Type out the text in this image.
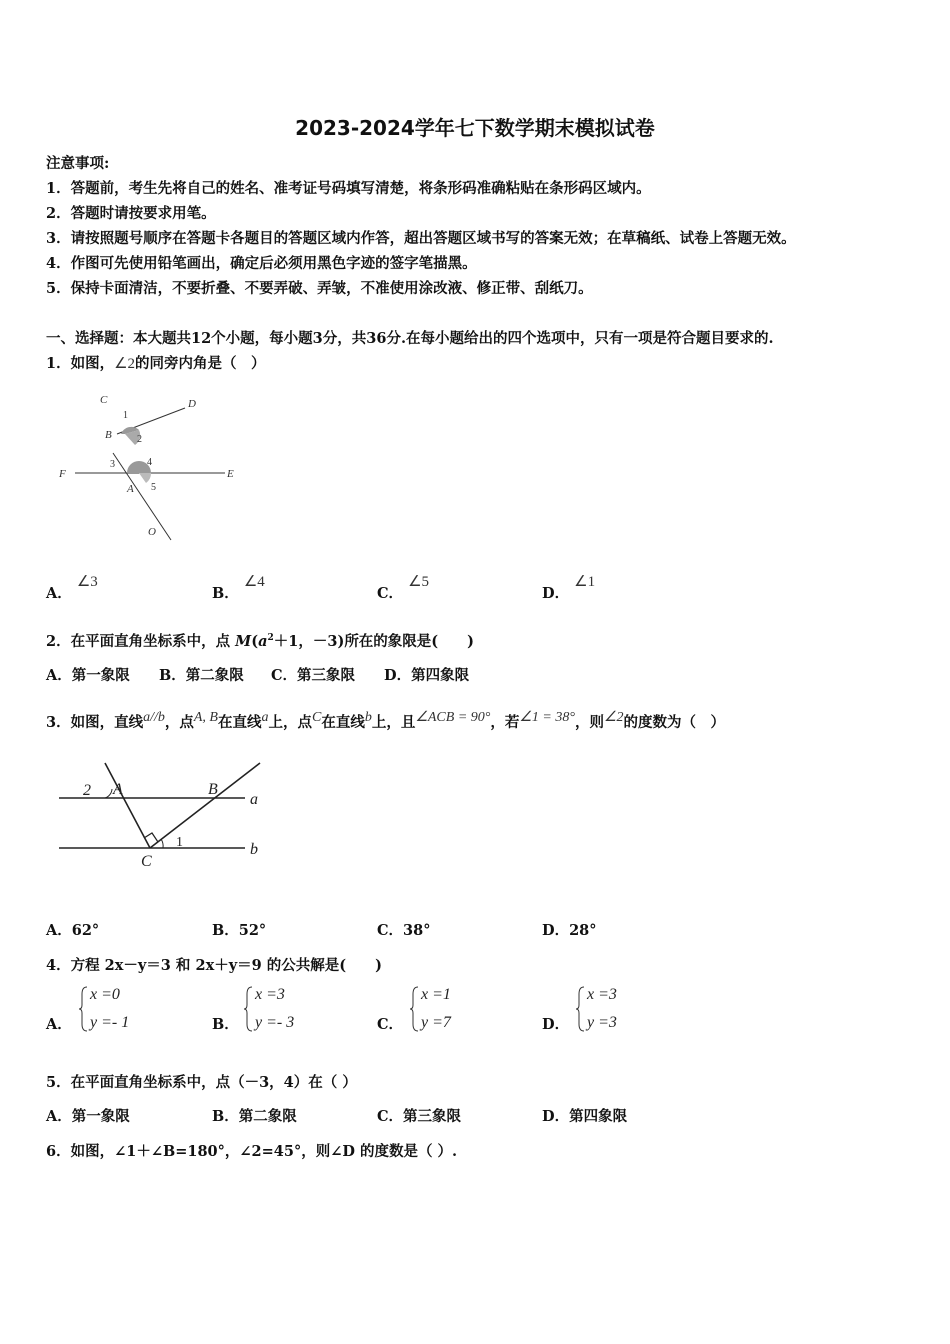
2023-2024学年七下数学期末模拟试卷
注意事项:
1．答题前，考生先将自己的姓名、准考证号码填写清楚，将条形码准确粘贴在条形码区域内。
2．答题时请按要求用笔。
3．请按照题号顺序在答题卡各题目的答题区域内作答，超出答题区域书写的答案无效；在草稿纸、试卷上答题无效。
4．作图可先使用铅笔画出，确定后必须用黑色字迹的签字笔描黑。
5．保持卡面清洁，不要折叠、不要弄破、弄皱，不准使用涂改液、修正带、刮纸刀。
一、选择题：本大题共12个小题，每小题3分，共36分.在每小题给出的四个选项中，只有一项是符合题目要求的.
1．如图，∠2的同旁内角是（　）
C	D
1
B	2
F
3	4
E
A 5
O
A． ∠3
B． ∠4
C． ∠5
D． ∠1
2．在平面直角坐标系中，点 $M(a^2+1$，－3)所在的象限是(　　)
A．第一象限 B．第二象限 C．第三象限 D．第四象限
3．如图，直线a//b，点A, B在直线a上，点C在直线b上，且∠ACB = 90°，若∠1 = 38°，则∠2的度数为（　）
2 A	B
a
b
C
1
A．62°	B．52°	C．38°	D．28°
4．方程 2x－y＝3 和 2x＋y＝9 的公共解是(　　)
A．
x =0
y =- 1	B．
x =3
y =- 3	C．
x =1
y =7	D．
x =3
y =3
5．在平面直角坐标系中，点（－3，4）在（ ）
A．第一象限	B．第二象限	C．第三象限	D．第四象限
6．如图，∠1＋∠B=180°，∠2=45°，则∠D 的度数是（ ）.
